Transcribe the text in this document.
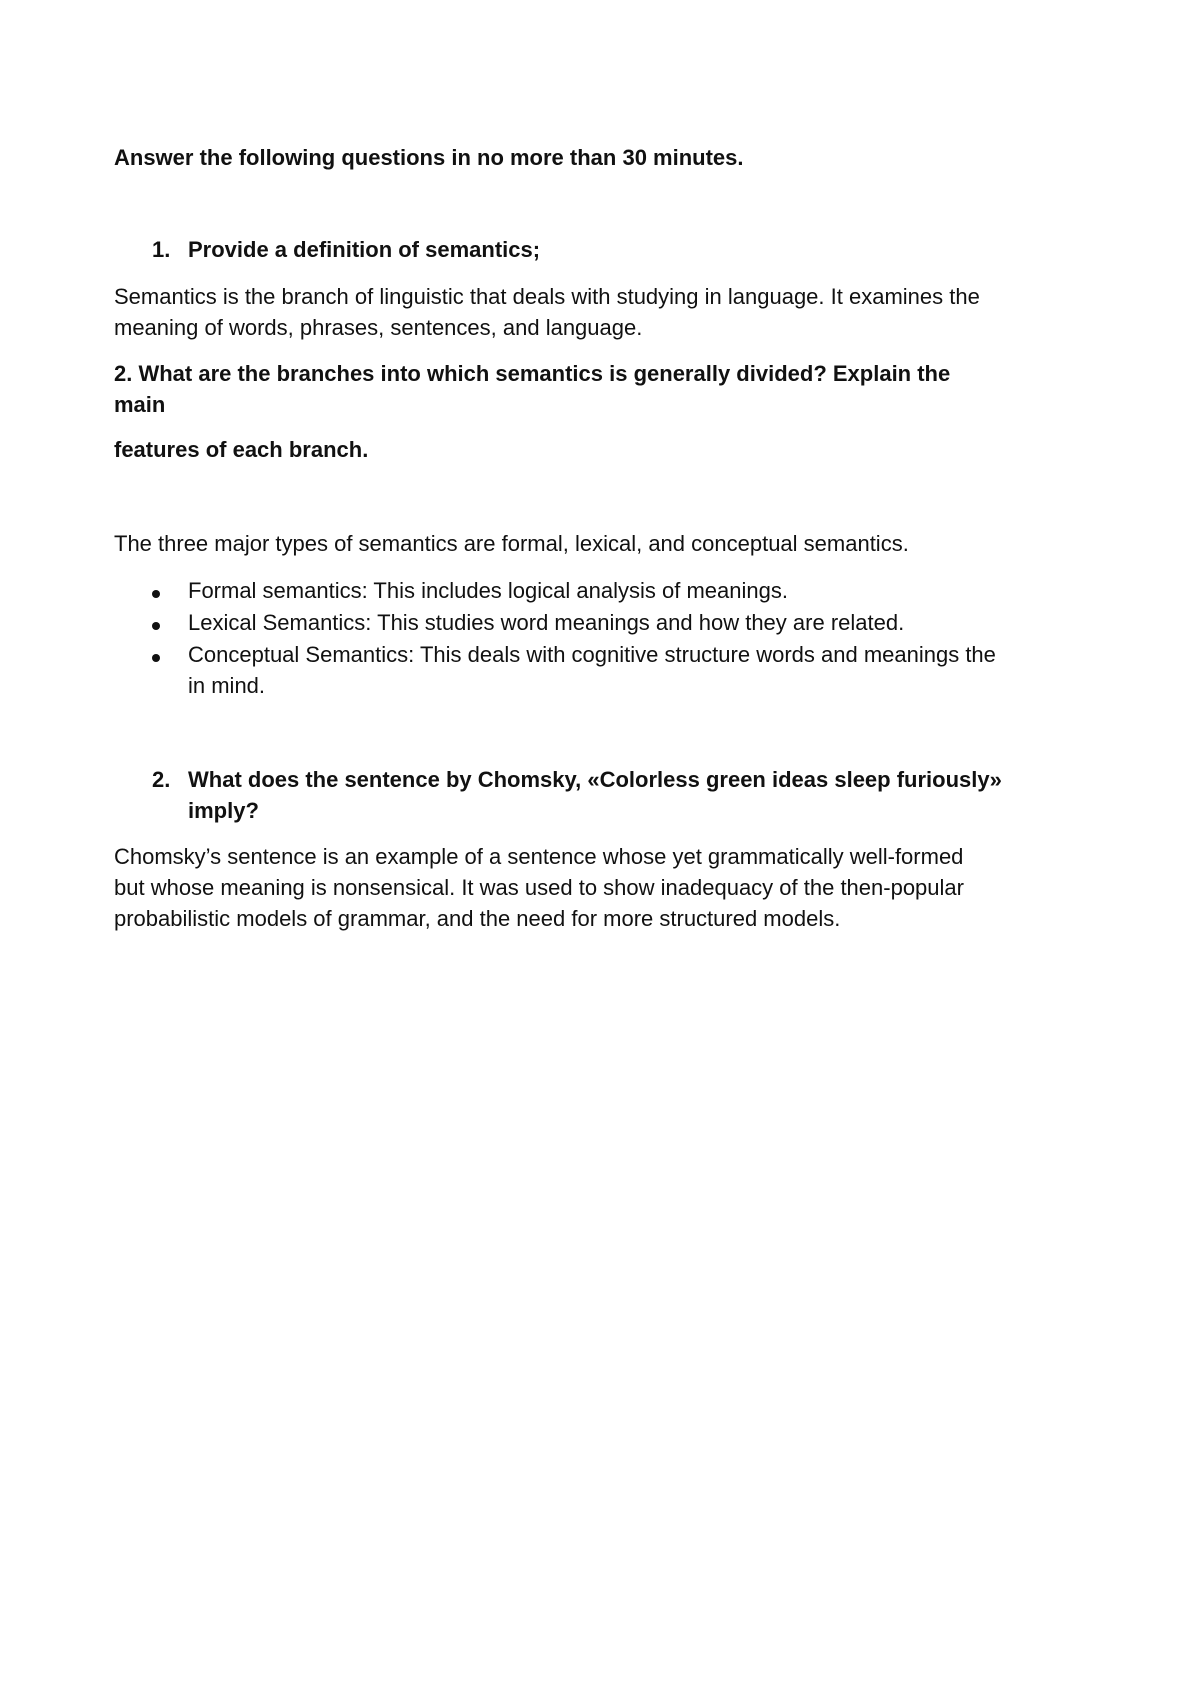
Answer the following questions in no more than 30 minutes.

1. Provide a definition of semantics;

Semantics is the branch of linguistic that deals with studying in language. It examines the

meaning of words, phrases, sentences, and language.

2. What are the branches into which semantics is generally divided? Explain the

main

features of each branch.

The three major types of semantics are formal, lexical, and conceptual semantics.

Formal semantics: This includes logical analysis of meanings.

Lexical Semantics: This studies word meanings and how they are related.

Conceptual Semantics: This deals with cognitive structure words and meanings the

in mind.

2. What does the sentence by Chomsky, «Colorless green ideas sleep furiously»

imply?

Chomsky’s sentence is an example of a sentence whose yet grammatically well-formed

but whose meaning is nonsensical. It was used to show inadequacy of the then-popular

probabilistic models of grammar, and the need for more structured models.
